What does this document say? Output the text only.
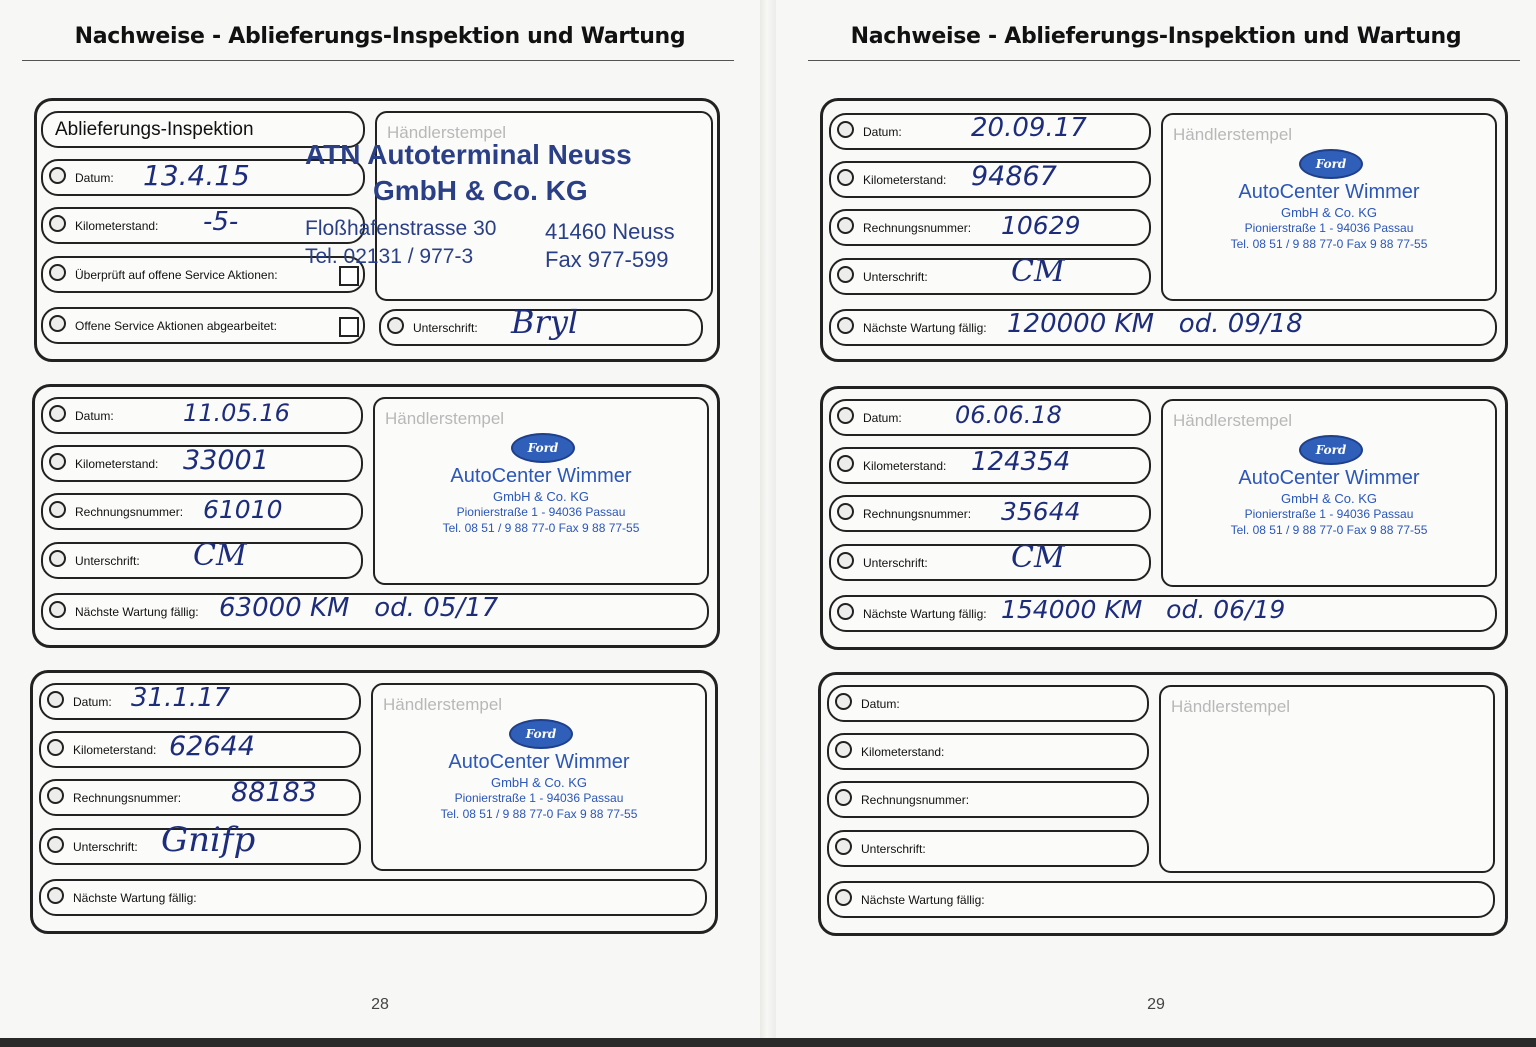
Nachweise - Ablieferungs-Inspektion und Wartung
Ablieferungs-Inspektion
Datum: 13.4.15
Kilometerstand: -5-
Überprüft auf offene Service Aktionen:
Offene Service Aktionen abgearbeitet:
Händlerstempel
Unterschrift: Bryl
ATN Autoterminal Neuss
GmbH & Co. KG
Floßhafenstrasse 30 41460 Neuss
Tel. 02131 / 977-3	Fax 977-599
Datum:	11.05.16
Kilometerstand: 33001
Rechnungsnummer: 61010
Unterschrift: CM
Nächste Wartung fällig: 63000 KM   od. 05/17
Händlerstempel
Ford
AutoCenter Wimmer
GmbH & Co. KG
Pionierstraße 1 - 94036 Passau
Tel. 08 51 / 9 88 77-0 Fax 9 88 77-55
Datum: 31.1.17
Kilometerstand: 62644
Rechnungsnummer: 88183
Unterschrift: Gnifp
Nächste Wartung fällig:
Händlerstempel
Ford
AutoCenter Wimmer
GmbH & Co. KG
Pionierstraße 1 - 94036 Passau
Tel. 08 51 / 9 88 77-0 Fax 9 88 77-55
28
Nachweise - Ablieferungs-Inspektion und Wartung
Datum:	20.09.17
Kilometerstand: 94867
Rechnungsnummer: 10629
Unterschrift:	CM
Nächste Wartung fällig: 120000 KM   od. 09/18
Händlerstempel
Ford
AutoCenter Wimmer
GmbH & Co. KG
Pionierstraße 1 - 94036 Passau
Tel. 08 51 / 9 88 77-0 Fax 9 88 77-55
Datum: 06.06.18
Kilometerstand: 124354
Rechnungsnummer: 35644
Unterschrift:	CM
Nächste Wartung fällig: 154000 KM   od. 06/19
Händlerstempel
Ford
AutoCenter Wimmer
GmbH & Co. KG
Pionierstraße 1 - 94036 Passau
Tel. 08 51 / 9 88 77-0 Fax 9 88 77-55
Datum:
Kilometerstand:
Rechnungsnummer:
Unterschrift:
Nächste Wartung fällig:
Händlerstempel
29
